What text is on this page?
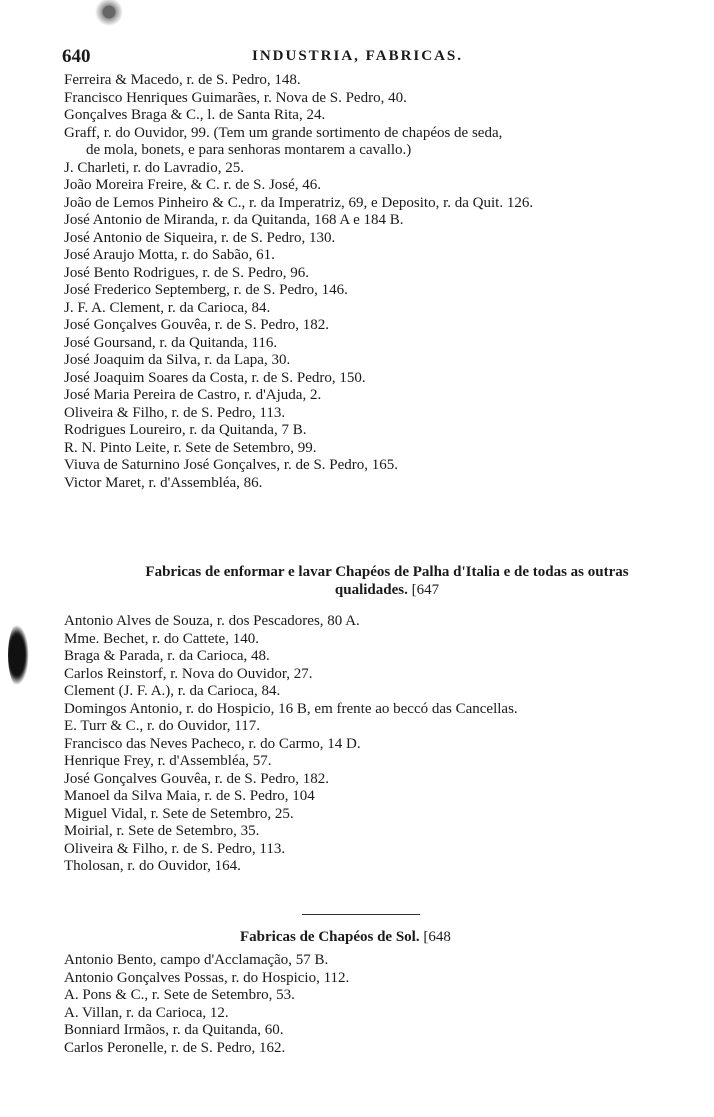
640	INDUSTRIA, FABRICAS.
Ferreira & Macedo, r. de S. Pedro, 148.
Francisco Henriques Guimarães, r. Nova de S. Pedro, 40.
Gonçalves Braga & C., l. de Santa Rita, 24.
Graff, r. do Ouvidor, 99. (Tem um grande sortimento de chapéos de seda,
de mola, bonets, e para senhoras montarem a cavallo.)
J. Charleti, r. do Lavradio, 25.
João Moreira Freire, & C. r. de S. José, 46.
João de Lemos Pinheiro & C., r. da Imperatriz, 69, e Deposito, r. da Quit. 126.
José Antonio de Miranda, r. da Quitanda, 168 A e 184 B.
José Antonio de Siqueira, r. de S. Pedro, 130.
José Araujo Motta, r. do Sabão, 61.
José Bento Rodrigues, r. de S. Pedro, 96.
José Frederico Septemberg, r. de S. Pedro, 146.
J. F. A. Clement, r. da Carioca, 84.
José Gonçalves Gouvêa, r. de S. Pedro, 182.
José Goursand, r. da Quitanda, 116.
José Joaquim da Silva, r. da Lapa, 30.
José Joaquim Soares da Costa, r. de S. Pedro, 150.
José Maria Pereira de Castro, r. d'Ajuda, 2.
Oliveira & Filho, r. de S. Pedro, 113.
Rodrigues Loureiro, r. da Quitanda, 7 B.
R. N. Pinto Leite, r. Sete de Setembro, 99.
Viuva de Saturnino José Gonçalves, r. de S. Pedro, 165.
Victor Maret, r. d'Assembléa, 86.
Fabricas de enformar e lavar Chapéos de Palha d'Italia e de todas as outras
qualidades. [647
Antonio Alves de Souza, r. dos Pescadores, 80 A.
Mme. Bechet, r. do Cattete, 140.
Braga & Parada, r. da Carioca, 48.
Carlos Reinstorf, r. Nova do Ouvidor, 27.
Clement (J. F. A.), r. da Carioca, 84.
Domingos Antonio, r. do Hospicio, 16 B, em frente ao beccó das Cancellas.
E. Turr & C., r. do Ouvidor, 117.
Francisco das Neves Pacheco, r. do Carmo, 14 D.
Henrique Frey, r. d'Assembléa, 57.
José Gonçalves Gouvêa, r. de S. Pedro, 182.
Manoel da Silva Maia, r. de S. Pedro, 104
Miguel Vidal, r. Sete de Setembro, 25.
Moirial, r. Sete de Setembro, 35.
Oliveira & Filho, r. de S. Pedro, 113.
Tholosan, r. do Ouvidor, 164.
Fabricas de Chapéos de Sol. [648
Antonio Bento, campo d'Acclamação, 57 B.
Antonio Gonçalves Possas, r. do Hospicio, 112.
A. Pons & C., r. Sete de Setembro, 53.
A. Villan, r. da Carioca, 12.
Bonniard Irmãos, r. da Quitanda, 60.
Carlos Peronelle, r. de S. Pedro, 162.
